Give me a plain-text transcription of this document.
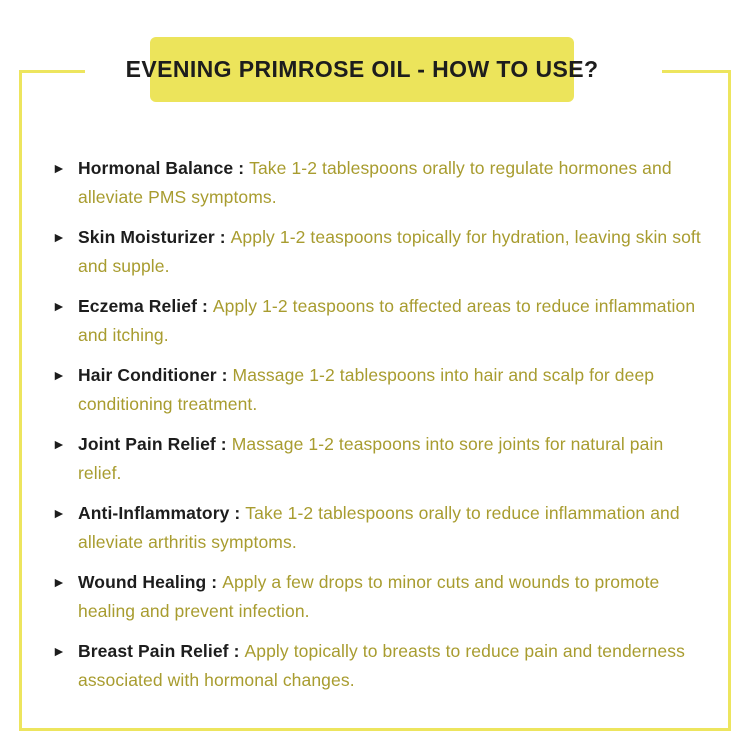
EVENING PRIMROSE OIL - HOW TO USE?
► Hormonal Balance : Take 1-2 tablespoons orally to regulate hormones and alleviate PMS symptoms.

► Skin Moisturizer : Apply 1-2 teaspoons topically for hydration, leaving skin soft and supple.

► Eczema Relief : Apply 1-2 teaspoons to affected areas to reduce inflammation and itching.

► Hair Conditioner : Massage 1-2 tablespoons into hair and scalp for deep conditioning treatment.

► Joint Pain Relief : Massage 1-2 teaspoons into sore joints for natural pain relief.

► Anti-Inflammatory : Take 1-2 tablespoons orally to reduce inflammation and alleviate arthritis symptoms.

► Wound Healing : Apply a few drops to minor cuts and wounds to promote healing and prevent infection.

► Breast Pain Relief : Apply topically to breasts to reduce pain and tenderness associated with hormonal changes.
